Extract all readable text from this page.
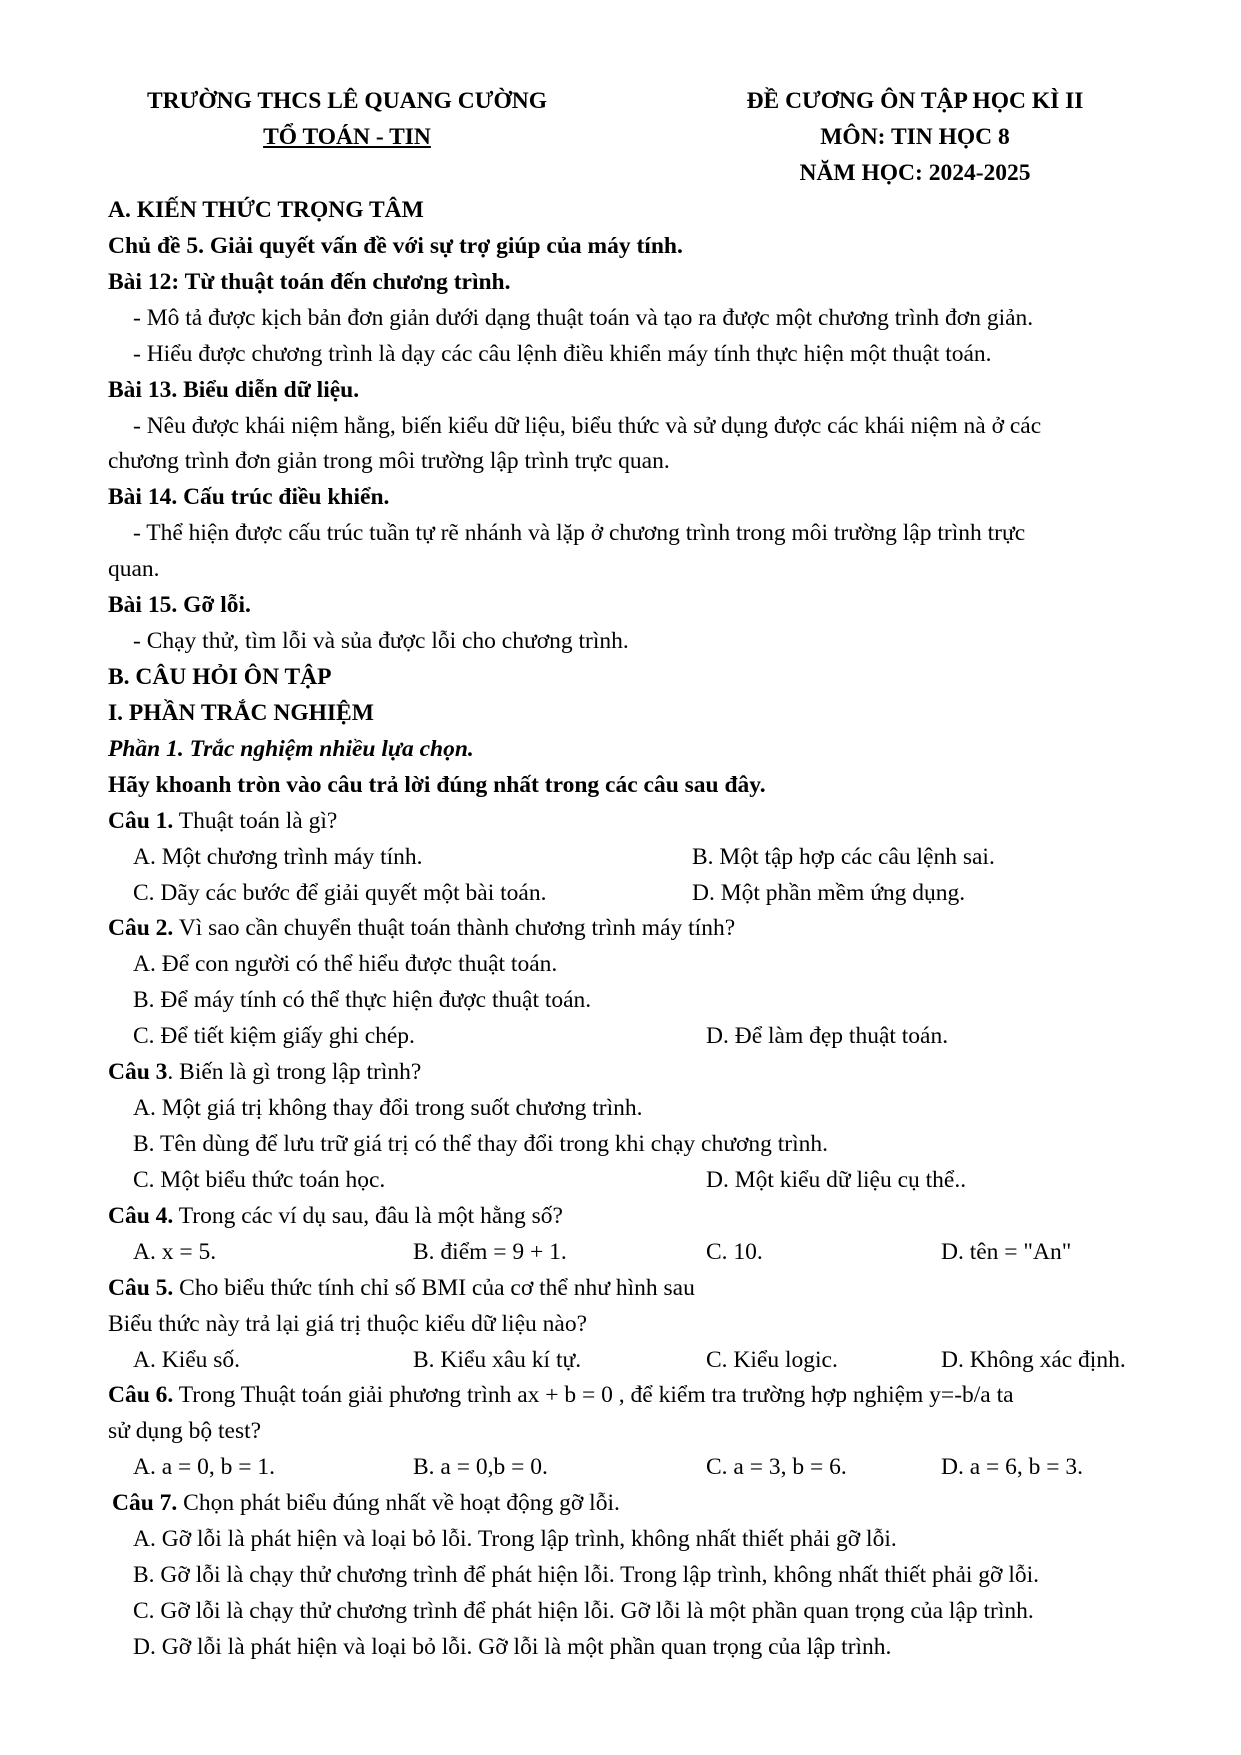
TRƯỜNG THCS LÊ QUANG CƯỜNG
TỔ TOÁN - TIN
ĐỀ CƯƠNG ÔN TẬP HỌC KÌ II
MÔN: TIN HỌC 8
NĂM HỌC: 2024-2025
A. KIẾN THỨC TRỌNG TÂM
Chủ đề 5. Giải quyết vấn đề với sự trợ giúp của máy tính.
Bài 12: Từ thuật toán đến chương trình.
- Mô tả được kịch bản đơn giản dưới dạng thuật toán và tạo ra được một chương trình đơn giản.
- Hiểu được chương trình là dạy các câu lệnh điều khiển máy tính thực hiện một thuật toán.
Bài 13. Biểu diễn dữ liệu.
- Nêu được khái niệm hằng, biến kiểu dữ liệu, biểu thức và sử dụng được các khái niệm nà ở các
chương trình đơn giản trong môi trường lập trình trực quan.
Bài 14. Cấu trúc điều khiển.
- Thể hiện được cấu trúc tuần tự rẽ nhánh và lặp ở chương trình trong môi trường lập trình trực
quan.
Bài 15. Gỡ lỗi.
- Chạy thử, tìm lỗi và sủa được lỗi cho chương trình.
B. CÂU HỎI ÔN TẬP
I. PHẦN TRẮC NGHIỆM
Phần 1. Trắc nghiệm nhiều lựa chọn.
Hãy khoanh tròn vào câu trả lời đúng nhất trong các câu sau đây.
Câu 1. Thuật toán là gì?
A. Một chương trình máy tính.	B. Một tập hợp các câu lệnh sai.
C. Dãy các bước để giải quyết một bài toán.	D. Một phần mềm ứng dụng.
Câu 2. Vì sao cần chuyển thuật toán thành chương trình máy tính?
A. Để con người có thể hiểu được thuật toán.
B. Để máy tính có thể thực hiện được thuật toán.
C. Để tiết kiệm giấy ghi chép.	D. Để làm đẹp thuật toán.
Câu 3. Biến là gì trong lập trình?
A. Một giá trị không thay đổi trong suốt chương trình.
B. Tên dùng để lưu trữ giá trị có thể thay đổi trong khi chạy chương trình.
C. Một biểu thức toán học.	D. Một kiểu dữ liệu cụ thể..
Câu 4. Trong các ví dụ sau, đâu là một hằng số?
A. x = 5.	B. điểm = 9 + 1.	C. 10.	D. tên = "An"
Câu 5. Cho biểu thức tính chỉ số BMI của cơ thể như hình sau
Biểu thức này trả lại giá trị thuộc kiểu dữ liệu nào?
A. Kiểu số.	B. Kiểu xâu kí tự.	C. Kiểu logic.	D. Không xác định.
Câu 6. Trong Thuật toán giải phương trình ax + b = 0 , để kiểm tra trường hợp nghiệm y=-b/a ta
sử dụng bộ test?
A. a = 0, b = 1.	B. a = 0,b = 0.	C. a = 3, b = 6.	D. a = 6, b = 3.
Câu 7. Chọn phát biểu đúng nhất về hoạt động gỡ lỗi.
A. Gỡ lỗi là phát hiện và loại bỏ lỗi. Trong lập trình, không nhất thiết phải gỡ lỗi.
B. Gỡ lỗi là chạy thử chương trình để phát hiện lỗi. Trong lập trình, không nhất thiết phải gỡ lỗi.
C. Gỡ lỗi là chạy thử chương trình để phát hiện lỗi. Gỡ lỗi là một phần quan trọng của lập trình.
D. Gỡ lỗi là phát hiện và loại bỏ lỗi. Gỡ lỗi là một phần quan trọng của lập trình.
